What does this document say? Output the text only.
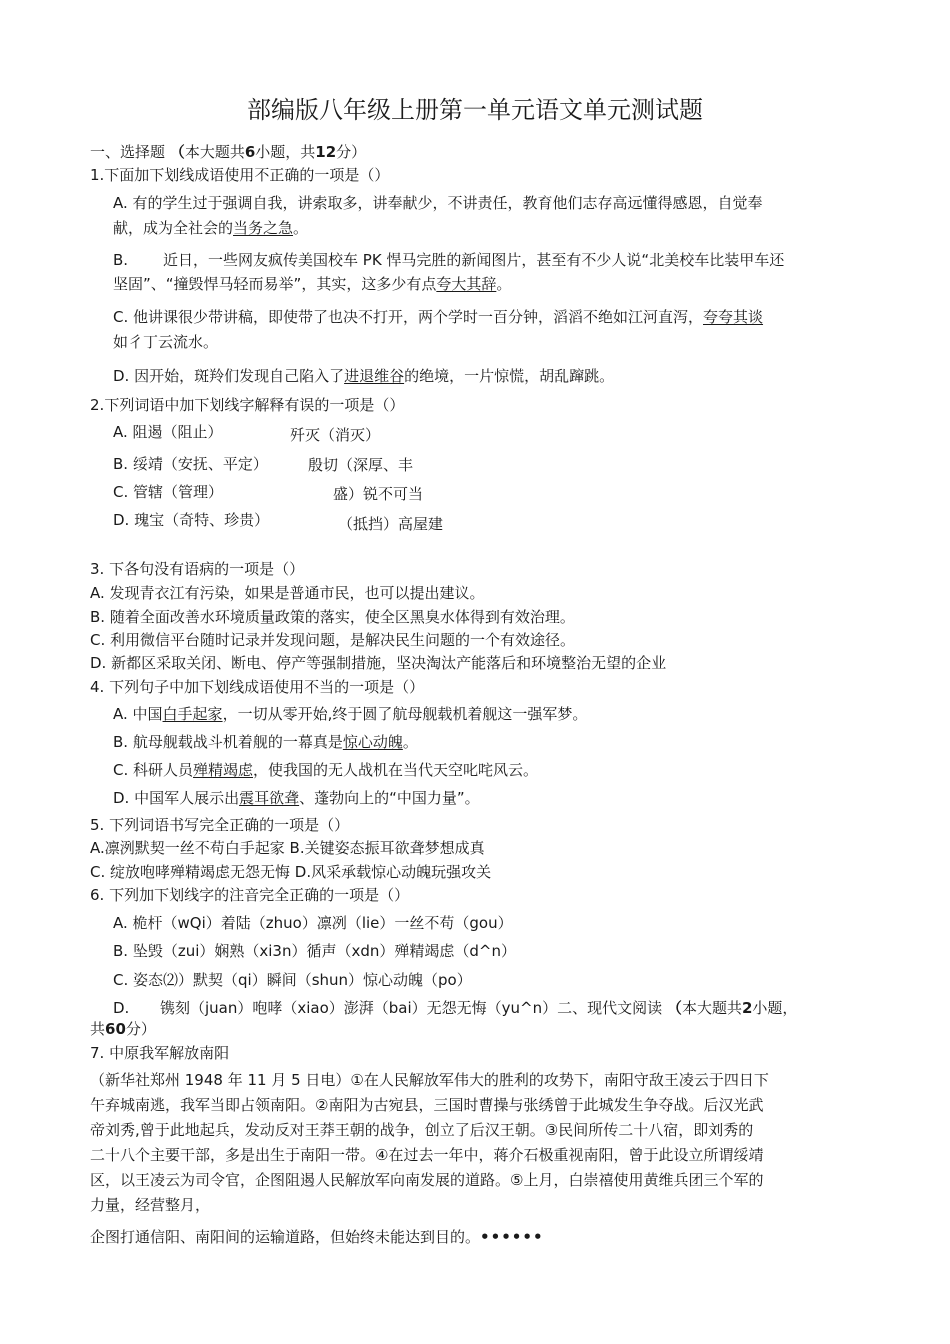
部编版八年级上册第一单元语文单元测试题
一、选择题 （本大题共6小题，共12分）
1.下面加下划线成语使用不正确的一项是（）
A. 有的学生过于强调自我，讲索取多，讲奉献少，不讲责任，教育他们志存高远懂得感恩，自觉奉
献，成为全社会的当务之急。
B. 近日，一些网友疯传美国校车 PK 悍马完胜的新闻图片，甚至有不少人说“北美校车比装甲车还
坚固”、“撞毁悍马轻而易举”，其实，这多少有点夸大其辞。
C. 他讲课很少带讲稿，即使带了也决不打开，两个学时一百分钟，滔滔不绝如江河直泻，夸夸其谈
如彳丁云流水。
D. 因开始，斑羚们发现自己陷入了进退维谷的绝境，一片惊慌，胡乱蹿跳。
2.下列词语中加下划线字解释有误的一项是（）
A. 阻遏（阻止）
B. 绥靖（安抚、平定）
C. 管辖（管理）
D. 瑰宝（奇特、珍贵）
歼灭（消灭）
殷切（深厚、丰
盛）锐不可当
（抵挡）高屋建
3. 下各句没有语病的一项是（）
A. 发现青衣江有污染，如果是普通市民，也可以提出建议。
B. 随着全面改善水环境质量政策的落实，使全区黑臭水体得到有效治理。
C. 利用微信平台随时记录并发现问题，是解决民生问题的一个有效途径。
D. 新都区采取关闭、断电、停产等强制措施，坚决淘汰产能落后和环境整治无望的企业
4. 下列句子中加下划线成语使用不当的一项是（）
A. 中国白手起家，一切从零开始,终于圆了航母舰载机着舰这一强军梦。
B. 航母舰载战斗机着舰的一幕真是惊心动魄。
C. 科研人员殚精竭虑，使我国的无人战机在当代天空叱咤风云。
D. 中国军人展示出震耳欲聋、蓬勃向上的“中国力量”。
5. 下列词语书写完全正确的一项是（）
A.凛洌默契一丝不苟白手起家 B.关键姿态振耳欲聋梦想成真
C. 绽放咆哮殚精竭虑无怨无悔 D.风采承载惊心动魄玩强攻关
6. 下列加下划线字的注音完全正确的一项是（）
A. 桅杆（wQi）着陆（zhuo）凛冽（lie）一丝不苟（gou）
B. 坠毁（zui）娴熟（xi3n）循声（xdn）殚精竭虑（d^n）
C. 姿态⑵）默契（qi）瞬间（shun）惊心动魄（po）
D. 镌刻（juan）咆哮（xiao）澎湃（bai）无怨无悔（yu^n）二、现代文阅读 （本大题共2小题，
共60分）
7. 中原我军解放南阳
（新华社郑州 1948 年 11 月 5 日电）①在人民解放军伟大的胜利的攻势下，南阳守敌王凌云于四日下
午弃城南逃，我军当即占领南阳。②南阳为古宛县，三国时曹操与张绣曾于此城发生争夺战。后汉光武
帝刘秀,曾于此地起兵，发动反对王莽王朝的战争，创立了后汉王朝。③民间所传二十八宿，即刘秀的
二十八个主要干部，多是出生于南阳一带。④在过去一年中，蒋介石极重视南阳，曾于此设立所谓绥靖
区，以王凌云为司令官，企图阻遏人民解放军向南发展的道路。⑤上月，白崇禧使用黄维兵团三个军的
力量，经营整月，
企图打通信阳、南阳间的运输道路，但始终未能达到目的。••••••
